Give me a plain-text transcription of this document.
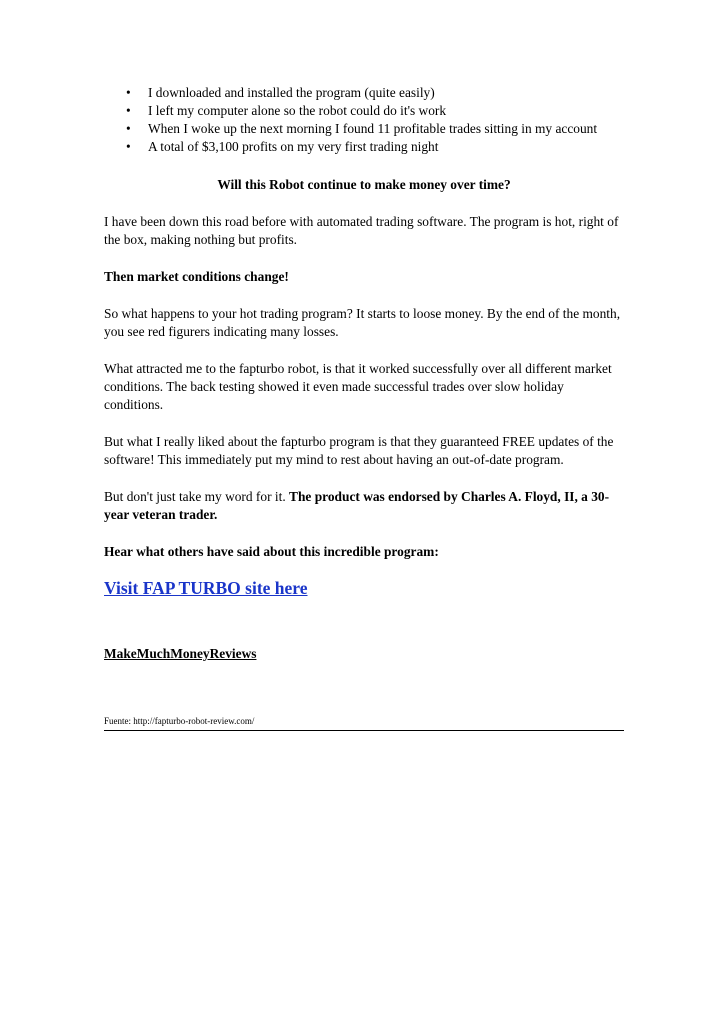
• I downloaded and installed the program (quite easily)
• I left my computer alone so the robot could do it's work
• When I woke up the next morning I found 11 profitable trades sitting in my account
• A total of $3,100 profits on my very first trading night
Will this Robot continue to make money over time?

I have been down this road before with automated trading software. The program is hot, right of the box, making nothing but profits.

Then market conditions change!

So what happens to your hot trading program? It starts to loose money. By the end of the month, you see red figurers indicating many losses.

What attracted me to the fapturbo robot, is that it worked successfully over all different market conditions. The back testing showed it even made successful trades over slow holiday conditions.

But what I really liked about the fapturbo program is that they guaranteed FREE updates of the software! This immediately put my mind to rest about having an out-of-date program.

But don't just take my word for it. The product was endorsed by Charles A. Floyd, II, a 30-year veteran trader.

Hear what others have said about this incredible program:

Visit FAP TURBO site here

MakeMuchMoneyReviews

Fuente: http://fapturbo-robot-review.com/
